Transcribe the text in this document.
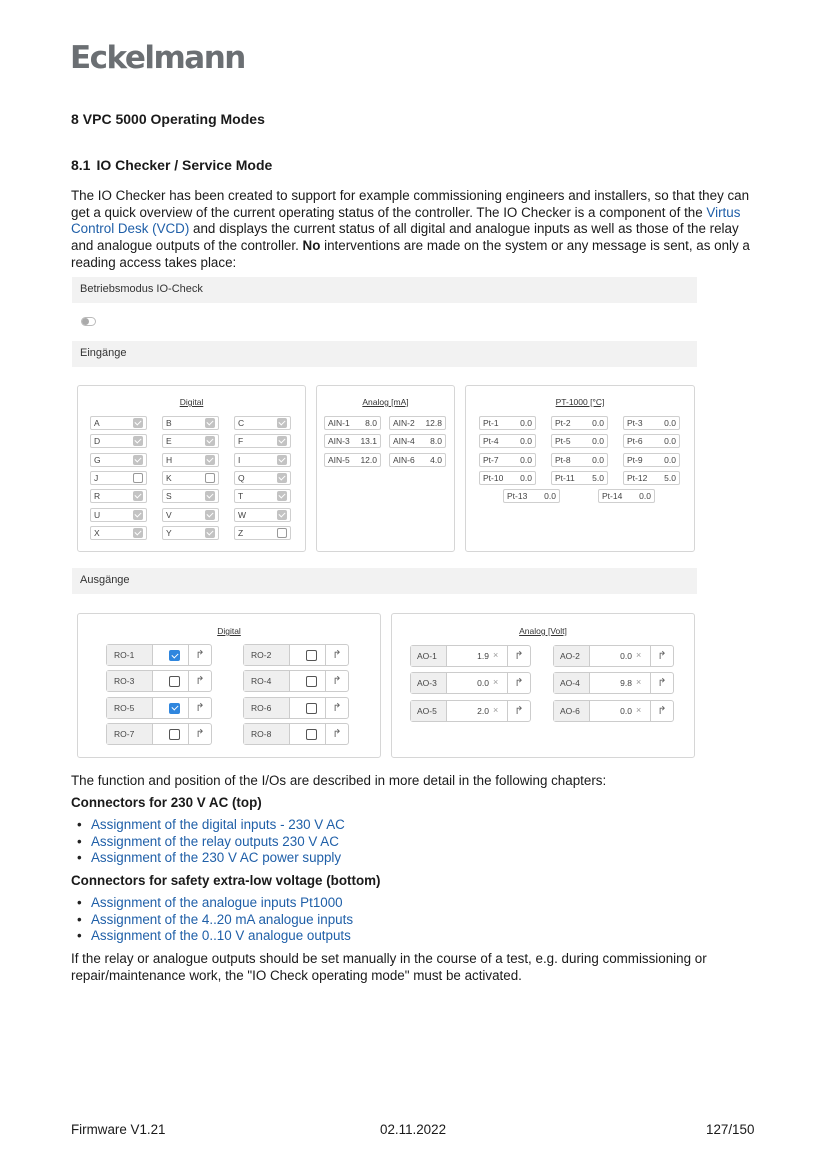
Eckelmann
8 VPC 5000 Operating Modes
8.1 IO Checker / Service Mode

The IO Checker has been created to support for example commissioning engineers and installers, so that they can get a quick overview of the current operating status of the controller. The IO Checker is a component of the Virtus Control Desk (VCD) and displays the current status of all digital and analogue inputs as well as those of the relay and analogue outputs of the controller. No interventions are made on the system or any message is sent, as only a reading access takes place:

Betriebsmodus IO-Check
Eingänge
Digital
A	B	C
D	E	F
G	H	I
J	K	Q
R	S	T
U	V	W
X	Y	Z
Analog [mA]
AIN-1 8.0 AIN-2 12.8
AIN-3 13.1 AIN-4 8.0
AIN-5 12.0 AIN-6 4.0
PT-1000 [°C]
Pt-1	0.0	Pt-2	0.0	Pt-3	0.0
Pt-4	0.0	Pt-5	0.0	Pt-6	0.0
Pt-7	0.0	Pt-8	0.0	Pt-9	0.0
Pt-10 0.0	Pt-11 5.0	Pt-12 5.0
Pt-13 0.0	Pt-14 0.0
Ausgänge
Digital
RO-1	↱	RO-2	↱
RO-3	↱	RO-4	↱
RO-5	↱	RO-6	↱
RO-7	↱	RO-8	↱
Analog [Volt]
AO-1	1.9 ×	↱	AO-2	0.0 ×	↱
AO-3	0.0 ×	↱	AO-4	9.8 ×	↱
AO-5	2.0 ×	↱	AO-6	0.0 ×	↱

The function and position of the I/Os are described in more detail in the following chapters:

Connectors for 230 V AC (top)

• Assignment of the digital inputs - 230 V AC
• Assignment of the relay outputs 230 V AC
• Assignment of the 230 V AC power supply

Connectors for safety extra-low voltage (bottom)

• Assignment of the analogue inputs Pt1000
• Assignment of the 4..20 mA analogue inputs
• Assignment of the 0..10 V analogue outputs

If the relay or analogue outputs should be set manually in the course of a test, e.g. during commissioning or repair/maintenance work, the "IO Check operating mode" must be activated.

Firmware V1.21	02.11.2022	127/150
